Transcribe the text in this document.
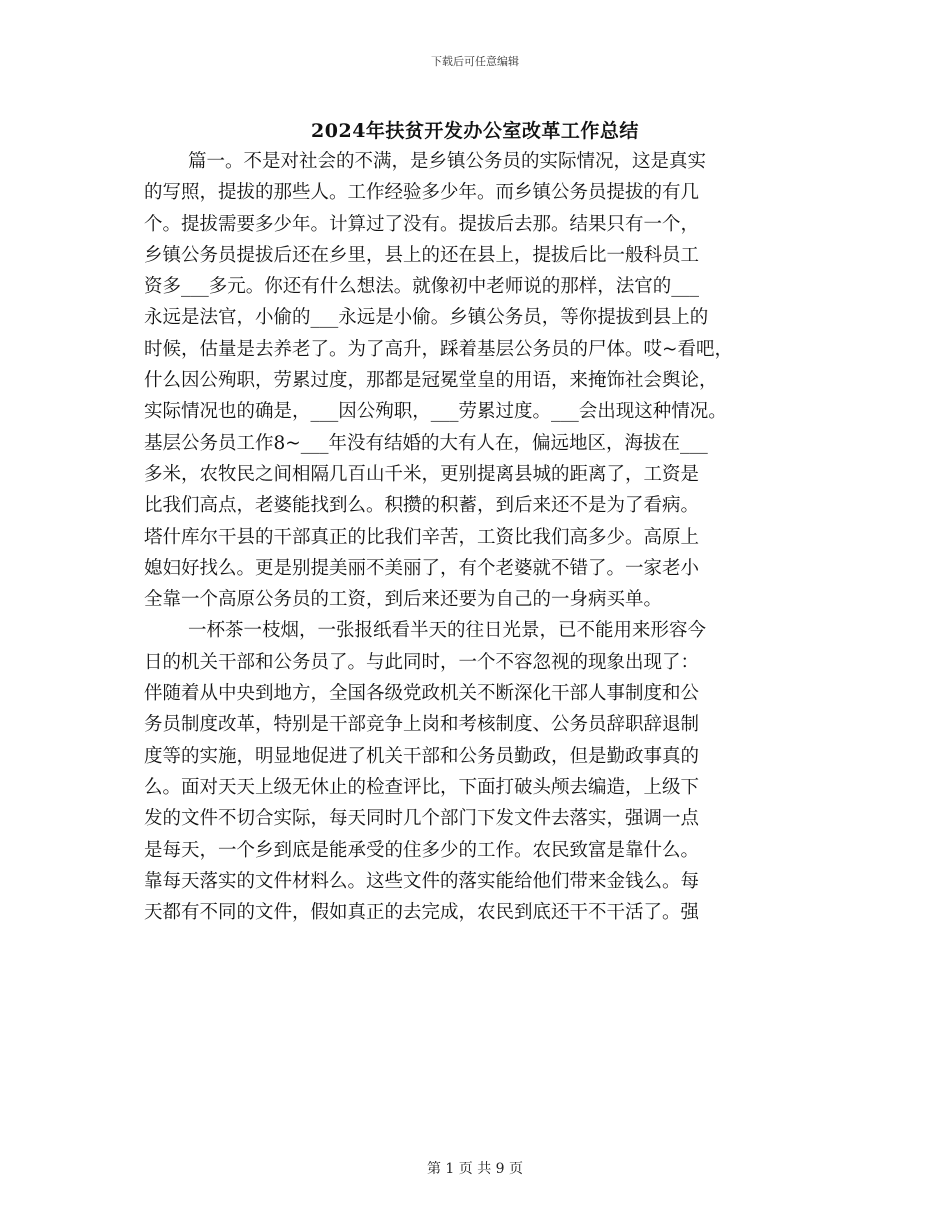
下载后可任意编辑
2024年扶贫开发办公室改革工作总结
篇一。不是对社会的不满，是乡镇公务员的实际情况，这是真实
的写照，提拔的那些人。工作经验多少年。而乡镇公务员提拔的有几
个。提拔需要多少年。计算过了没有。提拔后去那。结果只有一个，
乡镇公务员提拔后还在乡里，县上的还在县上，提拔后比一般科员工
资多___多元。你还有什么想法。就像初中老师说的那样，法官的___
永远是法官，小偷的___永远是小偷。乡镇公务员，等你提拔到县上的
时候，估量是去养老了。为了高升，踩着基层公务员的尸体。哎~看吧，
什么因公殉职，劳累过度，那都是冠冕堂皇的用语，来掩饰社会舆论，
实际情况也的确是，___因公殉职，___劳累过度。___会出现这种情况。
基层公务员工作8~___年没有结婚的大有人在，偏远地区，海拔在___
多米，农牧民之间相隔几百山千米，更别提离县城的距离了，工资是
比我们高点，老婆能找到么。积攒的积蓄，到后来还不是为了看病。
塔什库尔干县的干部真正的比我们辛苦，工资比我们高多少。高原上
媳妇好找么。更是别提美丽不美丽了，有个老婆就不错了。一家老小
全靠一个高原公务员的工资，到后来还要为自己的一身病买单。
一杯茶一枝烟，一张报纸看半天的往日光景，已不能用来形容今
日的机关干部和公务员了。与此同时，一个不容忽视的现象出现了：
伴随着从中央到地方，全国各级党政机关不断深化干部人事制度和公
务员制度改革，特别是干部竞争上岗和考核制度、公务员辞职辞退制
度等的实施，明显地促进了机关干部和公务员勤政，但是勤政事真的
么。面对天天上级无休止的检查评比，下面打破头颅去编造，上级下
发的文件不切合实际，每天同时几个部门下发文件去落实，强调一点
是每天，一个乡到底是能承受的住多少的工作。农民致富是靠什么。
靠每天落实的文件材料么。这些文件的落实能给他们带来金钱么。每
天都有不同的文件，假如真正的去完成，农民到底还干不干活了。强
第 1 页 共 9 页
